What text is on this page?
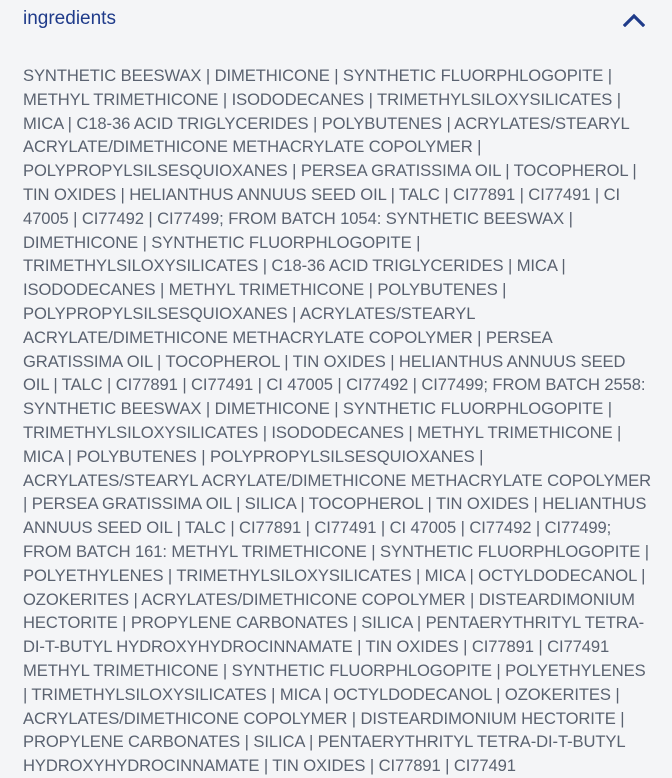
ingredients
SYNTHETIC BEESWAX | DIMETHICONE | SYNTHETIC FLUORPHLOGOPITE | METHYL TRIMETHICONE | ISODODECANES | TRIMETHYLSILOXYSILICATES | MICA | C18-36 ACID TRIGLYCERIDES | POLYBUTENES | ACRYLATES/STEARYL ACRYLATE/DIMETHICONE METHACRYLATE COPOLYMER | POLYPROPYLSILSESQUIOXANES | PERSEA GRATISSIMA OIL | TOCOPHEROL | TIN OXIDES | HELIANTHUS ANNUUS SEED OIL | TALC | CI77891 | CI77491 | CI 47005 | CI77492 | CI77499; FROM BATCH 1054: SYNTHETIC BEESWAX | DIMETHICONE | SYNTHETIC FLUORPHLOGOPITE | TRIMETHYLSILOXYSILICATES | C18-36 ACID TRIGLYCERIDES | MICA | ISODODECANES | METHYL TRIMETHICONE | POLYBUTENES | POLYPROPYLSILSESQUIOXANES | ACRYLATES/STEARYL ACRYLATE/DIMETHICONE METHACRYLATE COPOLYMER | PERSEA GRATISSIMA OIL | TOCOPHEROL | TIN OXIDES | HELIANTHUS ANNUUS SEED OIL | TALC | CI77891 | CI77491 | CI 47005 | CI77492 | CI77499; FROM BATCH 2558: SYNTHETIC BEESWAX | DIMETHICONE | SYNTHETIC FLUORPHLOGOPITE | TRIMETHYLSILOXYSILICATES | ISODODECANES | METHYL TRIMETHICONE | MICA | POLYBUTENES | POLYPROPYLSILSESQUIOXANES | ACRYLATES/STEARYL ACRYLATE/DIMETHICONE METHACRYLATE COPOLYMER | PERSEA GRATISSIMA OIL | SILICA | TOCOPHEROL | TIN OXIDES | HELIANTHUS ANNUUS SEED OIL | TALC | CI77891 | CI77491 | CI 47005 | CI77492 | CI77499; FROM BATCH 161: METHYL TRIMETHICONE | SYNTHETIC FLUORPHLOGOPITE | POLYETHYLENES | TRIMETHYLSILOXYSILICATES | MICA | OCTYLDODECANOL | OZOKERITES | ACRYLATES/DIMETHICONE COPOLYMER | DISTEARDIMONIUM HECTORITE | PROPYLENE CARBONATES | SILICA | PENTAERYTHRITYL TETRA-DI-T-BUTYL HYDROXYHYDROCINNAMATE | TIN OXIDES | CI77891 | CI77491 METHYL TRIMETHICONE | SYNTHETIC FLUORPHLOGOPITE | POLYETHYLENES | TRIMETHYLSILOXYSILICATES | MICA | OCTYLDODECANOL | OZOKERITES | ACRYLATES/DIMETHICONE COPOLYMER | DISTEARDIMONIUM HECTORITE | PROPYLENE CARBONATES | SILICA | PENTAERYTHRITYL TETRA-DI-T-BUTYL HYDROXYHYDROCINNAMATE | TIN OXIDES | CI77891 | CI77491
